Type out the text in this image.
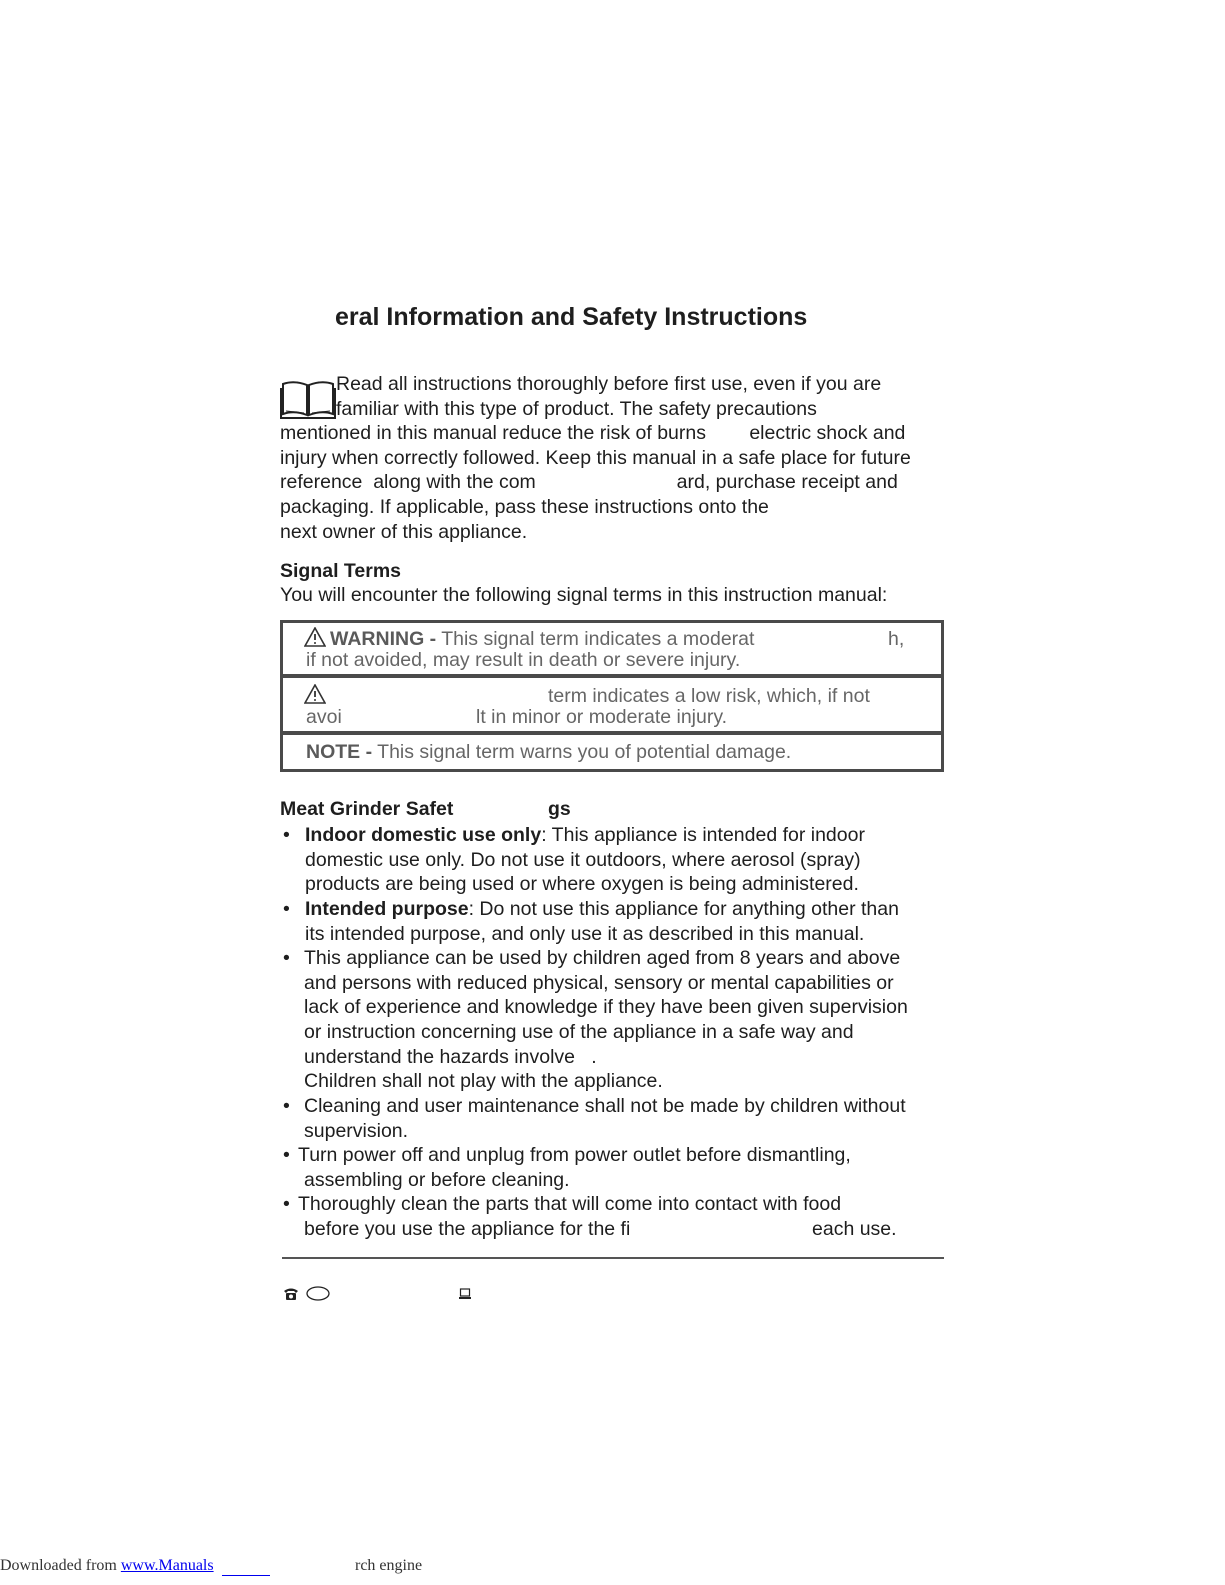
eral Information and Safety Instructions
Read all instructions thoroughly before first use, even if you are
familiar with this type of product. The safety precautions
mentioned in this manual reduce the risk of burns        electric shock and
injury when correctly followed. Keep this manual in a safe place for future
reference  along with the com                          ard, purchase receipt and
packaging. If applicable, pass these instructions onto the
next owner of this appliance.
Signal Terms
You will encounter the following signal terms in this instruction manual:
WARNING - This signal term indicates a moderat	h,
if not avoided, may result in death or severe injury.
term indicates a low risk, which, if not
avoi	lt in minor or moderate injury.
NOTE - This signal term warns you of potential damage.
Meat Grinder Safet	gs
• Indoor domestic use only: This appliance is intended for indoor
domestic use only. Do not use it outdoors, where aerosol (spray)
products are being used or where oxygen is being administered.
• Intended purpose: Do not use this appliance for anything other than
its intended purpose, and only use it as described in this manual.
• This appliance can be used by children aged from 8 years and above
and persons with reduced physical, sensory or mental capabilities or
lack of experience and knowledge if they have been given supervision
or instruction concerning use of the appliance in a safe way and
understand the hazards involve   .
Children shall not play with the appliance.
• Cleaning and user maintenance shall not be made by children without
supervision.
• Turn power off and unplug from power outlet before dismantling,
assembling or before cleaning.
• Thoroughly clean the parts that will come into contact with food
before you use the appliance for the fi	each use.
Downloaded from www.Manuals	rch engine
